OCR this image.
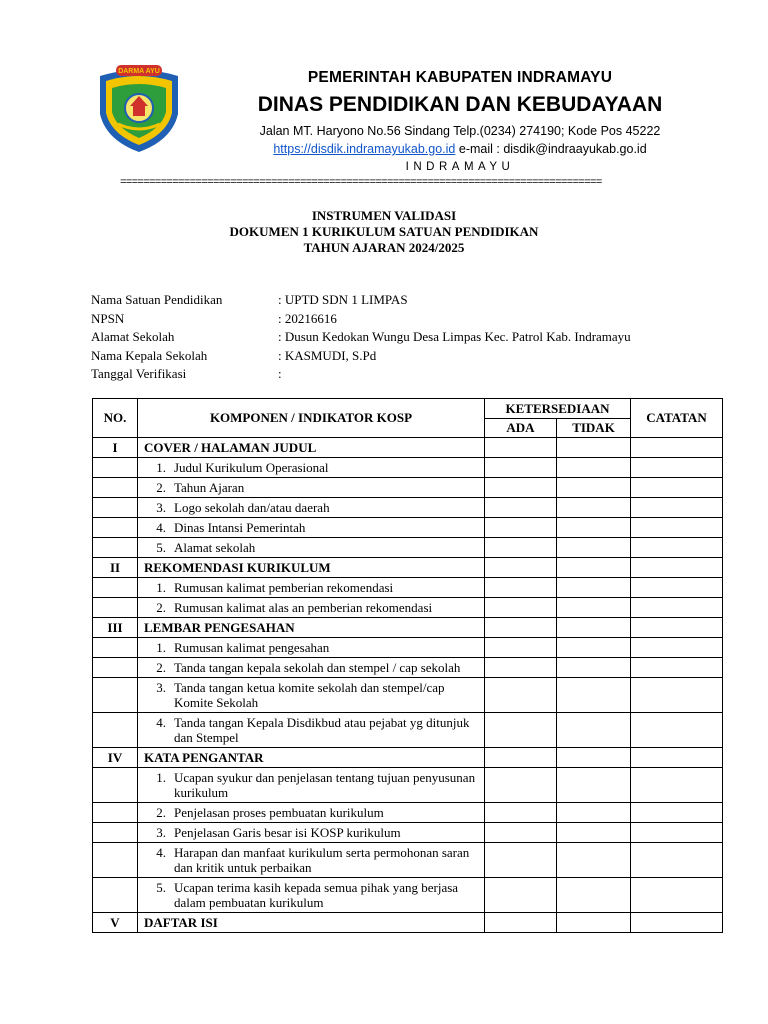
DARMA AYU	PEMERINTAH KABUPATEN INDRAMAYU
DINAS PENDIDIKAN DAN KEBUDAYAAN
Jalan MT. Haryono No.56 Sindang Telp.(0234) 274190; Kode Pos 45222
https://disdik.indramayukab.go.id e-mail : disdik@indraayukab.go.id
INDRAMAYU
===================================================================================
INSTRUMEN VALIDASI
DOKUMEN 1 KURIKULUM SATUAN PENDIDIKAN
TAHUN AJARAN 2024/2025
Nama Satuan Pendidikan	: UPTD SDN 1 LIMPAS
NPSN	: 20216616
Alamat Sekolah	: Dusun Kedokan Wungu Desa Limpas Kec. Patrol Kab. Indramayu
Nama Kepala Sekolah	: KASMUDI, S.Pd
Tanggal Verifikasi	:
NO.	KOMPONEN / INDIKATOR KOSP	KETERSEDIAAN		CATATAN
		ADA	TIDAK	
I	COVER / HALAMAN JUDUL			

	1. Judul Kurikulum Operasional			

	2. Tahun Ajaran			

	3. Logo sekolah dan/atau daerah			

	4. Dinas Intansi Pemerintah			

	5. Alamat sekolah			

II	REKOMENDASI KURIKULUM			

	1. Rumusan kalimat pemberian rekomendasi			

	2. Rumusan kalimat alas an pemberian rekomendasi			

III	LEMBAR PENGESAHAN			

	1. Rumusan kalimat pengesahan			

	2. Tanda tangan kepala sekolah dan stempel / cap sekolah			

	3. Tanda tangan ketua komite sekolah dan stempel/cap Komite Sekolah			

	4. Tanda tangan Kepala Disdikbud atau pejabat yg ditunjuk dan Stempel			

IV	KATA PENGANTAR			

	1. Ucapan syukur dan penjelasan tentang tujuan penyusunan kurikulum			

	2. Penjelasan proses pembuatan kurikulum			

	3. Penjelasan Garis besar isi KOSP kurikulum			

	4. Harapan dan manfaat kurikulum serta permohonan saran dan kritik untuk perbaikan			

	5. Ucapan terima kasih kepada semua pihak yang berjasa dalam pembuatan kurikulum			

V	DAFTAR ISI			
